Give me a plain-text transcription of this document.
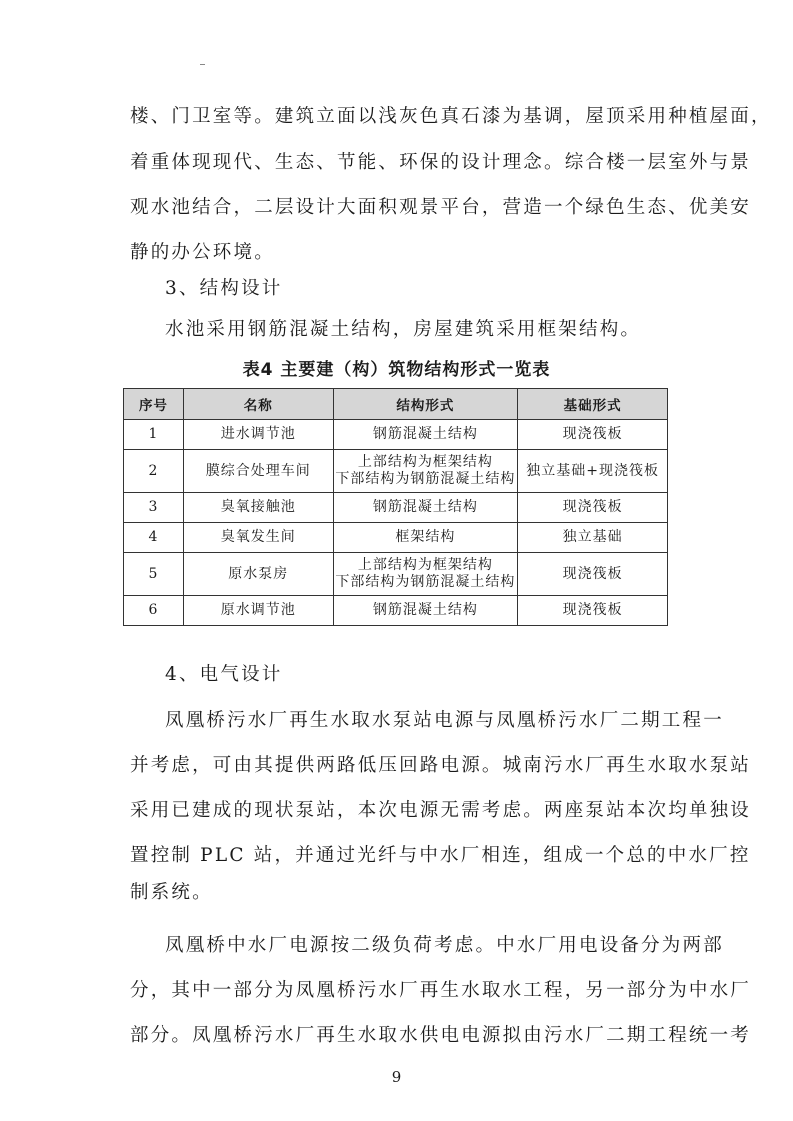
楼、门卫室等。建筑立面以浅灰色真石漆为基调，屋顶采用种植屋面，
着重体现现代、生态、节能、环保的设计理念。综合楼一层室外与景
观水池结合，二层设计大面积观景平台，营造一个绿色生态、优美安
静的办公环境。
3、结构设计
水池采用钢筋混凝土结构，房屋建筑采用框架结构。
表4 主要建（构）筑物结构形式一览表
序号	名称	结构形式	基础形式

1	进水调节池	钢筋混凝土结构	现浇筏板

2	膜综合处理车间	上部结构为框架结构
下部结构为钢筋混凝土结构	独立基础+现浇筏板

3	臭氧接触池	钢筋混凝土结构	现浇筏板

4	臭氧发生间	框架结构	独立基础

5	原水泵房	上部结构为框架结构
下部结构为钢筋混凝土结构	现浇筏板

6	原水调节池	钢筋混凝土结构	现浇筏板
4、电气设计
凤凰桥污水厂再生水取水泵站电源与凤凰桥污水厂二期工程一
并考虑，可由其提供两路低压回路电源。城南污水厂再生水取水泵站
采用已建成的现状泵站，本次电源无需考虑。两座泵站本次均单独设
置控制 PLC 站，并通过光纤与中水厂相连，组成一个总的中水厂控
制系统。
凤凰桥中水厂电源按二级负荷考虑。中水厂用电设备分为两部
分，其中一部分为凤凰桥污水厂再生水取水工程，另一部分为中水厂
部分。凤凰桥污水厂再生水取水供电电源拟由污水厂二期工程统一考
9
